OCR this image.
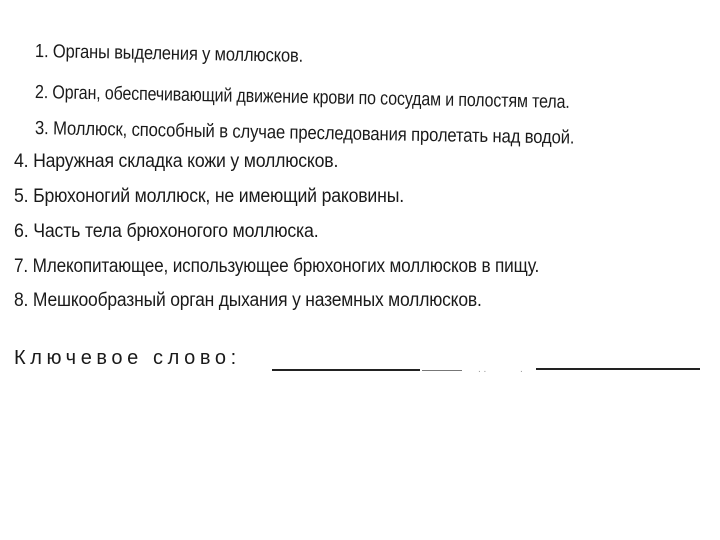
1. Органы выделения у моллюсков.
2. Орган, обеспечивающий движение крови по сосудам и полостям тела.
3. Моллюск, способный в случае преследования пролетать над водой.
4. Наружная складка кожи у моллюсков.
5. Брюхоногий моллюск, не имеющий раковины.
6. Часть тела брюхоногого моллюска.
7. Млекопитающее, использующее брюхоногих моллюсков в пищу.
8. Мешкообразный орган дыхания у наземных моллюсков.
Ключевое слово:
. .	.
